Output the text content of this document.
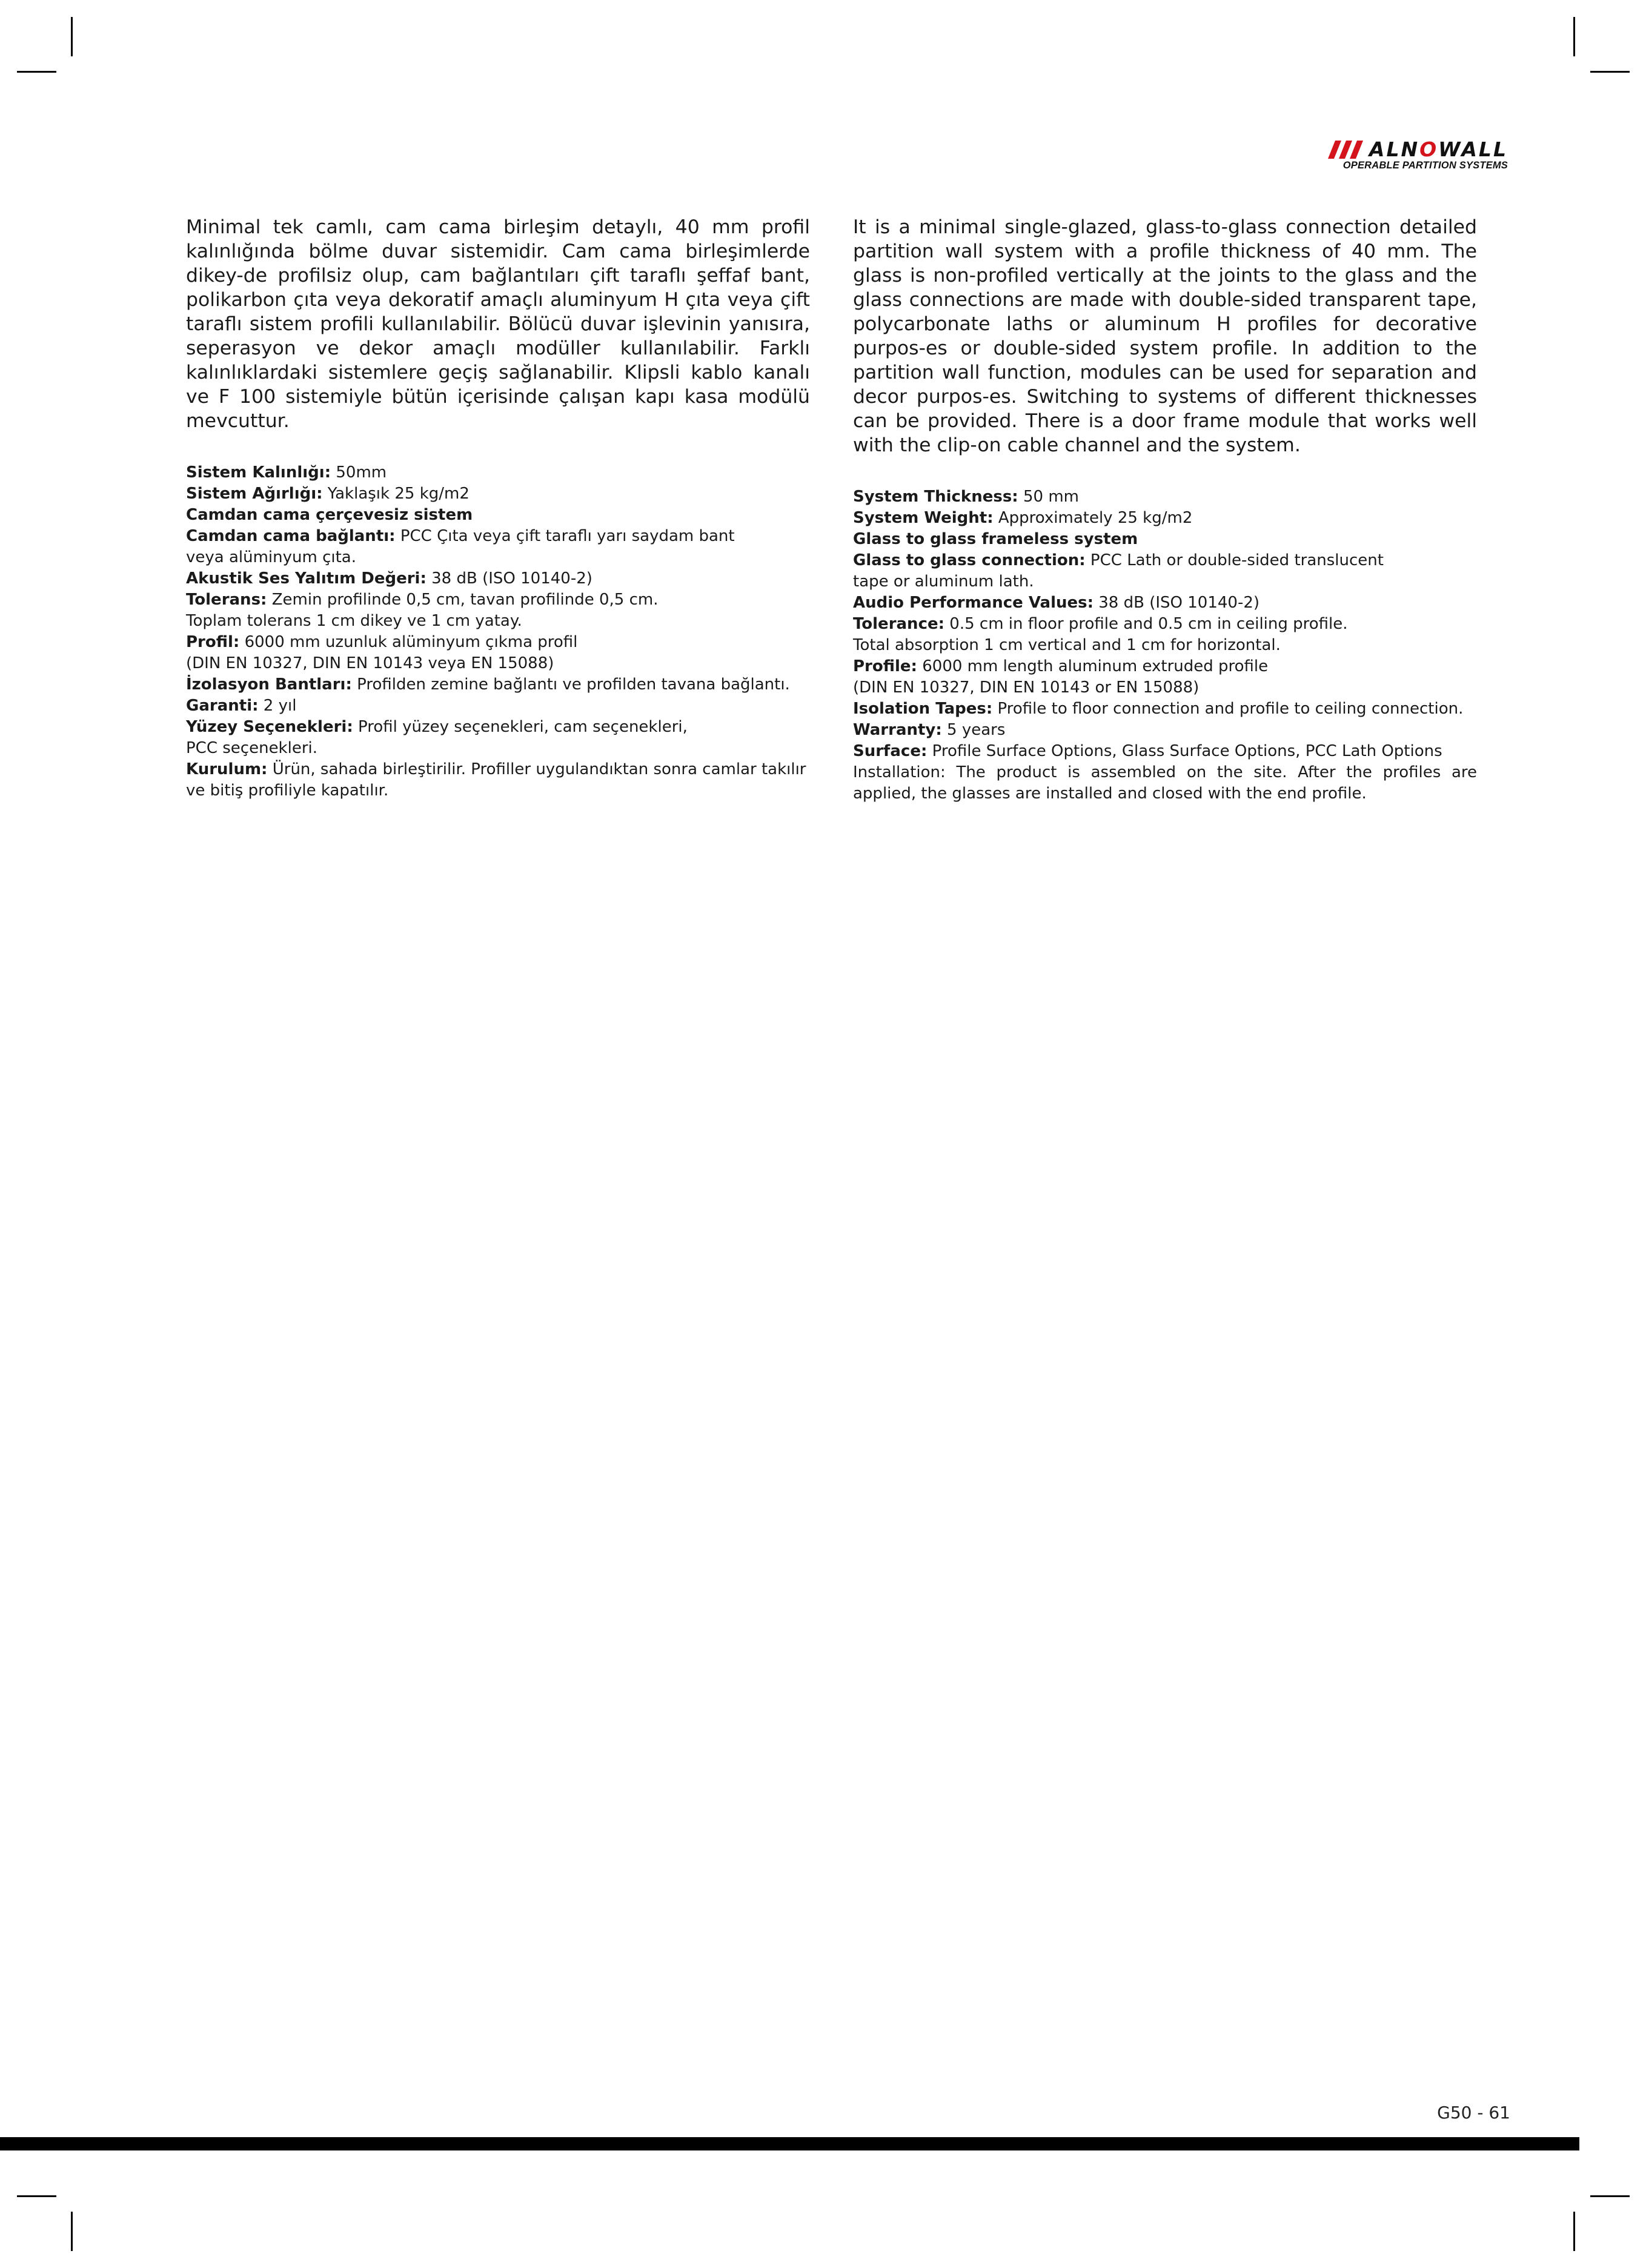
ALNOWALL
OPERABLE PARTITION SYSTEMS

Minimal tek camlı, cam cama birleşim detaylı, 40 mm profil kalınlığında bölme duvar sistemidir. Cam cama birleşimlerde dikey-de profilsiz olup, cam bağlantıları çift taraflı şeffaf bant, polikarbon çıta veya dekoratif amaçlı aluminyum H çıta veya çift taraflı sistem profili kullanılabilir. Bölücü duvar işlevinin yanısıra, seperasyon ve dekor amaçlı modüller kullanılabilir. Farklı kalınlıklardaki sistemlere geçiş sağlanabilir. Klipsli kablo kanalı ve F 100 sistemiyle bütün içerisinde çalışan kapı kasa modülü mevcuttur.

Sistem Kalınlığı: 50mm
Sistem Ağırlığı: Yaklaşık 25 kg/m2
Camdan cama çerçevesiz sistem
Camdan cama bağlantı: PCC Çıta veya çift taraflı yarı saydam bant
veya alüminyum çıta.
Akustik Ses Yalıtım Değeri: 38 dB (ISO 10140-2)
Tolerans: Zemin profilinde 0,5 cm, tavan profilinde 0,5 cm.
Toplam tolerans 1 cm dikey ve 1 cm yatay.
Profil: 6000 mm uzunluk alüminyum çıkma profil
(DIN EN 10327, DIN EN 10143 veya EN 15088)
İzolasyon Bantları: Profilden zemine bağlantı ve profilden tavana bağlantı.
Garanti: 2 yıl
Yüzey Seçenekleri: Profil yüzey seçenekleri, cam seçenekleri,
PCC seçenekleri.
Kurulum: Ürün, sahada birleştirilir. Profiller uygulandıktan sonra camlar takılır
ve bitiş profiliyle kapatılır.

It is a minimal single-glazed, glass-to-glass connection detailed partition wall system with a profile thickness of 40 mm. The glass is non-profiled vertically at the joints to the glass and the glass connections are made with double-sided transparent tape, polycarbonate laths or aluminum H profiles for decorative purpos-es or double-sided system profile. In addition to the partition wall function, modules can be used for separation and decor purpos-es. Switching to systems of different thicknesses can be provided. There is a door frame module that works well with the clip-on cable channel and the system.

System Thickness: 50 mm
System Weight: Approximately 25 kg/m2
Glass to glass frameless system
Glass to glass connection: PCC Lath or double-sided translucent
tape or aluminum lath.
Audio Performance Values: 38 dB (ISO 10140-2)
Tolerance: 0.5 cm in floor profile and 0.5 cm in ceiling profile.
Total absorption 1 cm vertical and 1 cm for horizontal.
Profile: 6000 mm length aluminum extruded profile
(DIN EN 10327, DIN EN 10143 or EN 15088)
Isolation Tapes: Profile to floor connection and profile to ceiling connection.
Warranty: 5 years
Surface: Profile Surface Options, Glass Surface Options, PCC Lath Options
Installation: The product is assembled on the site. After the profiles are applied, the glasses are installed and closed with the end profile.
G50 - 61
